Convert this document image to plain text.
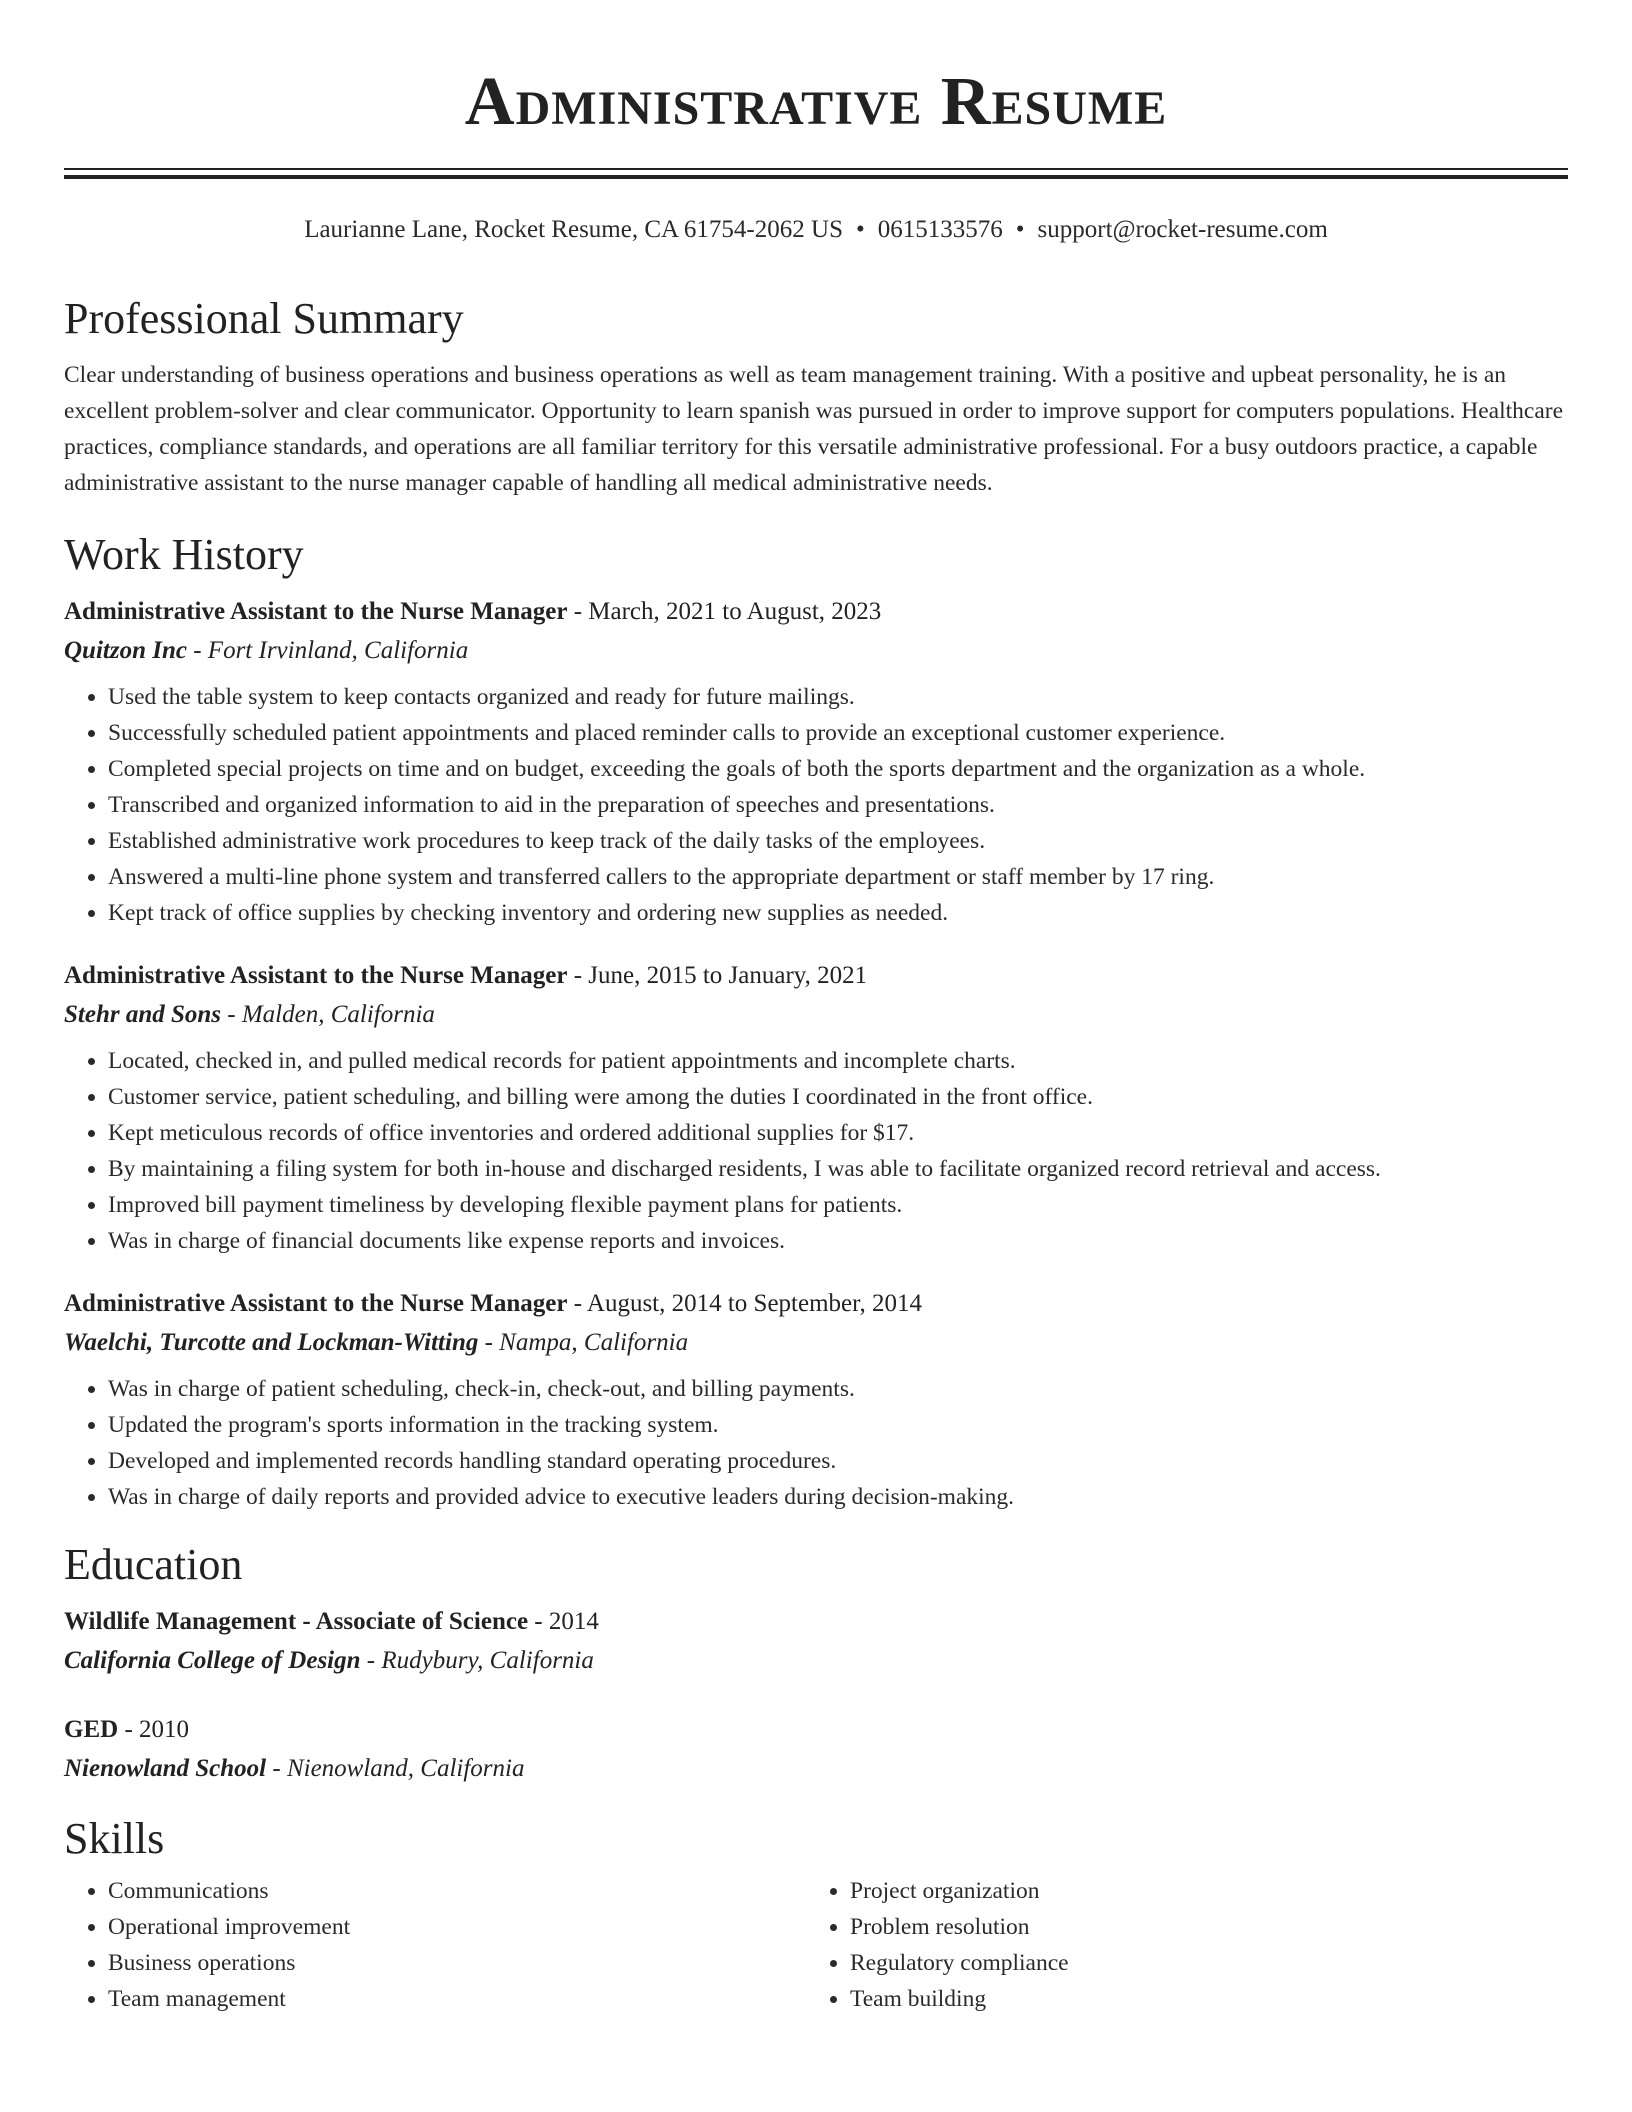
Administrative Resume
Laurianne Lane, Rocket Resume, CA 61754-2062 US • 0615133576 • support@rocket-resume.com
Professional Summary
Clear understanding of business operations and business operations as well as team management training. With a positive and upbeat personality, he is an excellent problem-solver and clear communicator. Opportunity to learn spanish was pursued in order to improve support for computers populations. Healthcare practices, compliance standards, and operations are all familiar territory for this versatile administrative professional. For a busy outdoors practice, a capable administrative assistant to the nurse manager capable of handling all medical administrative needs.
Work History
Administrative Assistant to the Nurse Manager - March, 2021 to August, 2023
Quitzon Inc - Fort Irvinland, California
• Used the table system to keep contacts organized and ready for future mailings.
• Successfully scheduled patient appointments and placed reminder calls to provide an exceptional customer experience.
• Completed special projects on time and on budget, exceeding the goals of both the sports department and the organization as a whole.
• Transcribed and organized information to aid in the preparation of speeches and presentations.
• Established administrative work procedures to keep track of the daily tasks of the employees.
• Answered a multi-line phone system and transferred callers to the appropriate department or staff member by 17 ring.
• Kept track of office supplies by checking inventory and ordering new supplies as needed.
Administrative Assistant to the Nurse Manager - June, 2015 to January, 2021
Stehr and Sons - Malden, California
• Located, checked in, and pulled medical records for patient appointments and incomplete charts.
• Customer service, patient scheduling, and billing were among the duties I coordinated in the front office.
• Kept meticulous records of office inventories and ordered additional supplies for $17.
• By maintaining a filing system for both in-house and discharged residents, I was able to facilitate organized record retrieval and access.
• Improved bill payment timeliness by developing flexible payment plans for patients.
• Was in charge of financial documents like expense reports and invoices.
Administrative Assistant to the Nurse Manager - August, 2014 to September, 2014
Waelchi, Turcotte and Lockman-Witting - Nampa, California
• Was in charge of patient scheduling, check-in, check-out, and billing payments.
• Updated the program's sports information in the tracking system.
• Developed and implemented records handling standard operating procedures.
• Was in charge of daily reports and provided advice to executive leaders during decision-making.
Education
Wildlife Management - Associate of Science - 2014
California College of Design - Rudybury, California
GED - 2010
Nienowland School - Nienowland, California
Skills
• Communications
• Operational improvement
• Business operations
• Team management
• Project organization
• Problem resolution
• Regulatory compliance
• Team building
